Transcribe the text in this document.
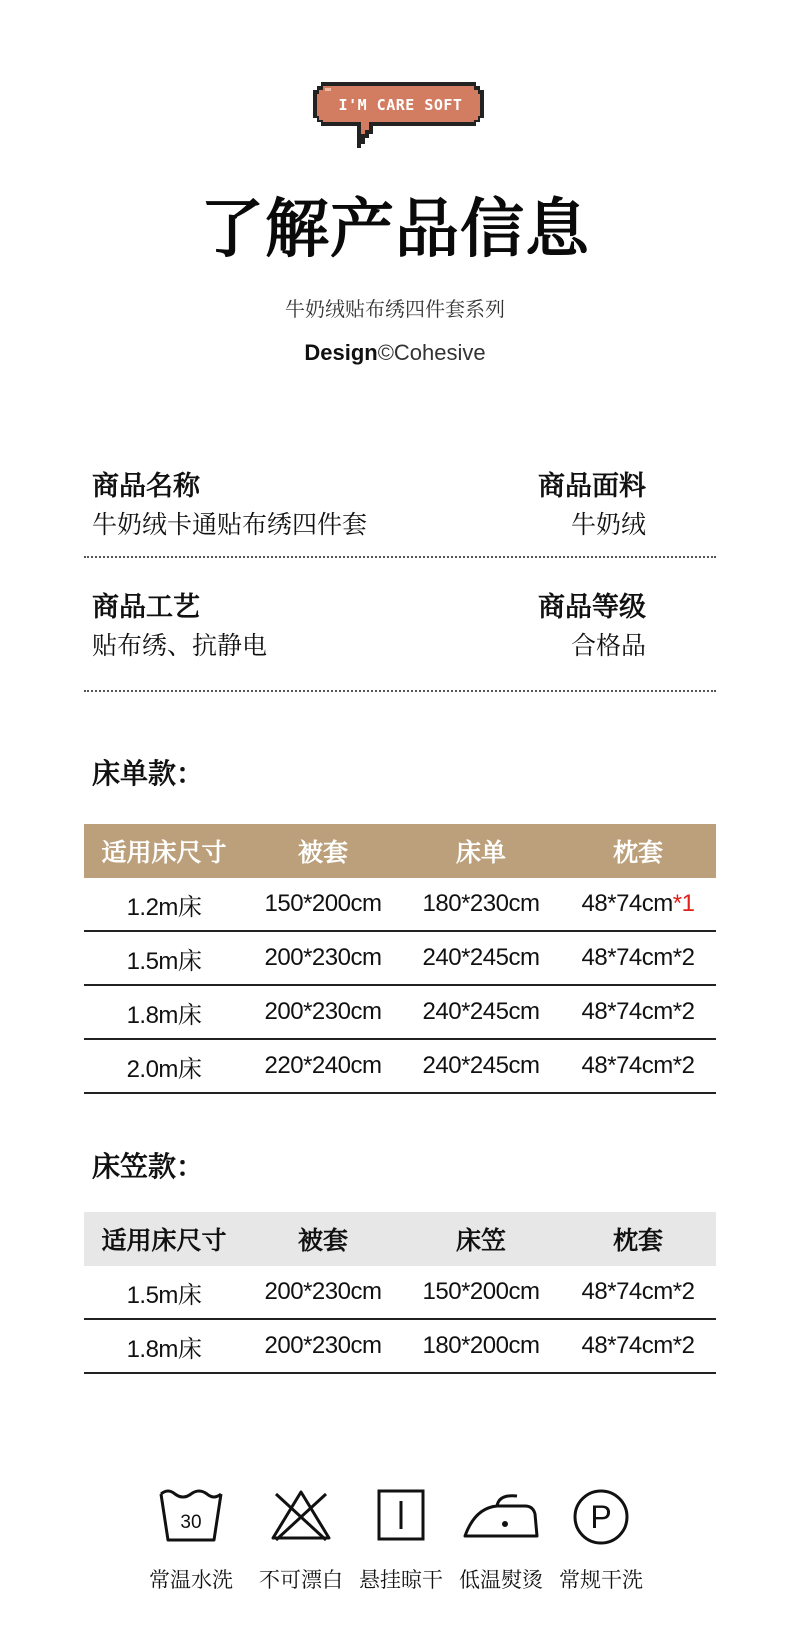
I'M CARE SOFT
了解产品信息
牛奶绒贴布绣四件套系列
Design©Cohesive
商品名称
牛奶绒卡通贴布绣四件套
商品面料
牛奶绒
商品工艺
贴布绣、抗静电
商品等级
合格品
床单款：
适用床尺寸	被套	床单	枕套
1.2m床	150*200cm	180*230cm	48*74cm*1
1.5m床	200*230cm	240*245cm	48*74cm*2
1.8m床	200*230cm	240*245cm	48*74cm*2
2.0m床	220*240cm	240*245cm	48*74cm*2
床笠款：
适用床尺寸	被套	床笠	枕套
1.5m床	200*230cm	150*200cm	48*74cm*2
1.8m床	200*230cm	180*200cm	48*74cm*2
30
常温水洗	不可漂白 悬挂晾干 低温熨烫
P
常规干洗
